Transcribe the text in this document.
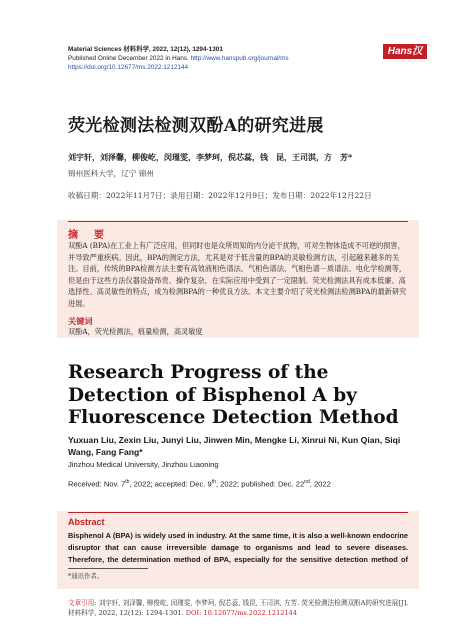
Material Sciences 材料科学, 2022, 12(12), 1294-1301
Published Online December 2022 in Hans. http://www.hanspub.org/journal/ms
https://doi.org/10.12677/ms.2022.1212144
Hans汉斯
荧光检测法检测双酚A的研究进展
刘宇轩，刘泽馨，柳俊屹，闵瑾雯，李梦珂，倪芯蕊，钱　昆，王司淇，方　芳*
锦州医科大学，辽宁 锦州
收稿日期：2022年11月7日；录用日期：2022年12月9日；发布日期：2022年12月22日
摘　要
双酚A (BPA)在工业上有广泛应用，但同时也是众所周知的内分泌干扰物，可对生物体造成不可逆的损害，并导致严重疾病。因此，BPA的测定方法，尤其是对于低含量的BPA的灵敏检测方法，引起越来越多的关注。目前，传统的BPA检测方法主要有高效液相色谱法、气相色谱法、气相色谱－质谱法、电化学检测等，但是由于这些方法仪器设备昂贵、操作复杂，在实际应用中受到了一定限制。荧光检测法具有成本低廉、高选择性、高灵敏性的特点，成为检测BPA的一种优良方法。本文主要介绍了荧光检测法检测BPA的最新研究进展。
关键词
双酚A，荧光检测法，痕量检测，高灵敏度
Research Progress of the Detection of Bisphenol A by Fluorescence Detection Method
Yuxuan Liu, Zexin Liu, Junyi Liu, Jinwen Min, Mengke Li, Xinrui Ni, Kun Qian, Siqi Wang, Fang Fang*
Jinzhou Medical University, Jinzhou Liaoning
Received: Nov. 7th, 2022; accepted: Dec. 9th, 2022; published: Dec. 22nd, 2022
Abstract
Bisphenol A (BPA) is widely used in industry. At the same time, it is also a well-known endocrine disruptor that can cause irreversible damage to organisms and lead to severe diseases. Therefore, the determination method of BPA, especially for the sensitive detection method of
*通讯作者。
文章引用: 刘宇轩, 刘泽馨, 柳俊屹, 闵瑾雯, 李梦珂, 倪芯蕊, 钱昆, 王司淇, 方芳. 荧光检测法检测双酚A的研究进展[J]. 材料科学, 2022, 12(12): 1294-1301. DOI: 10.12677/ms.2022.1212144
